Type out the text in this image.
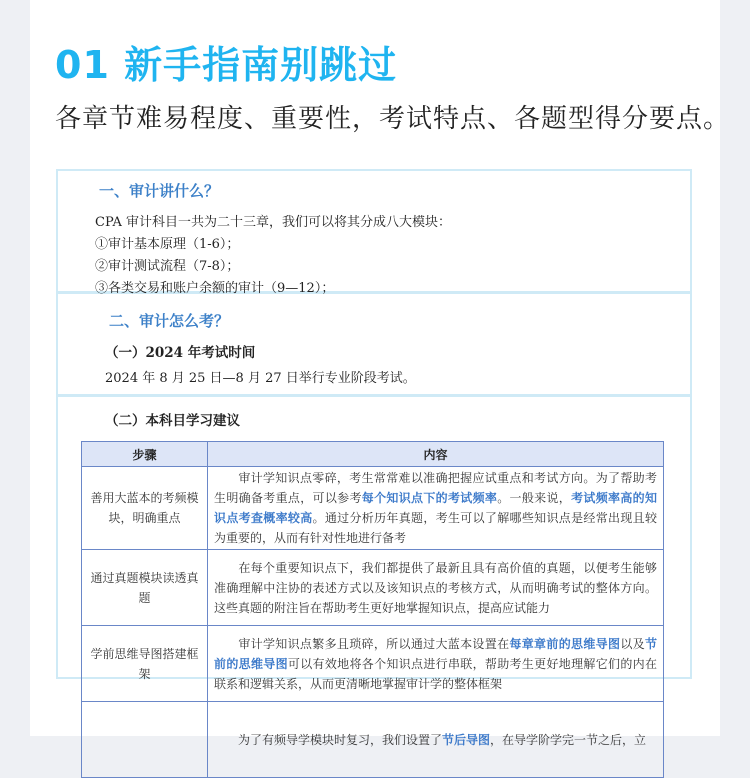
01 新手指南别跳过

各章节难易程度、重要性，考试特点、各题型得分要点。

一、审计讲什么？
CPA 审计科目一共为二十三章，我们可以将其分成八大模块：
①审计基本原理（1-6）；
②审计测试流程（7-8）；
③各类交易和账户余额的审计（9—12）；
二、审计怎么考？
（一）2024 年考试时间
2024 年 8 月 25 日—8 月 27 日举行专业阶段考试。
（二）本科目学习建议
步骤	内容
善用大蓝本的考频模块，明确重点	审计学知识点零碎，考生常常难以准确把握应试重点和考试方向。为了帮助考生明确备考重点，可以参考每个知识点下的考试频率。一般来说，考试频率高的知识点考查概率较高。通过分析历年真题，考生可以了解哪些知识点是经常出现且较为重要的，从而有针对性地进行备考
通过真题模块读透真题	在每个重要知识点下，我们都提供了最新且具有高价值的真题，以便考生能够准确理解中注协的表述方式以及该知识点的考核方式，从而明确考试的整体方向。这些真题的附注旨在帮助考生更好地掌握知识点，提高应试能力
学前思维导图搭建框架	审计学知识点繁多且琐碎，所以通过大蓝本设置在每章章前的思维导图以及节前的思维导图可以有效地将各个知识点进行串联，帮助考生更好地理解它们的内在联系和逻辑关系，从而更清晰地掌握审计学的整体框架
	为了有频导学模块时复习，我们设置了节后导图，在导学阶学完一节之后，立
